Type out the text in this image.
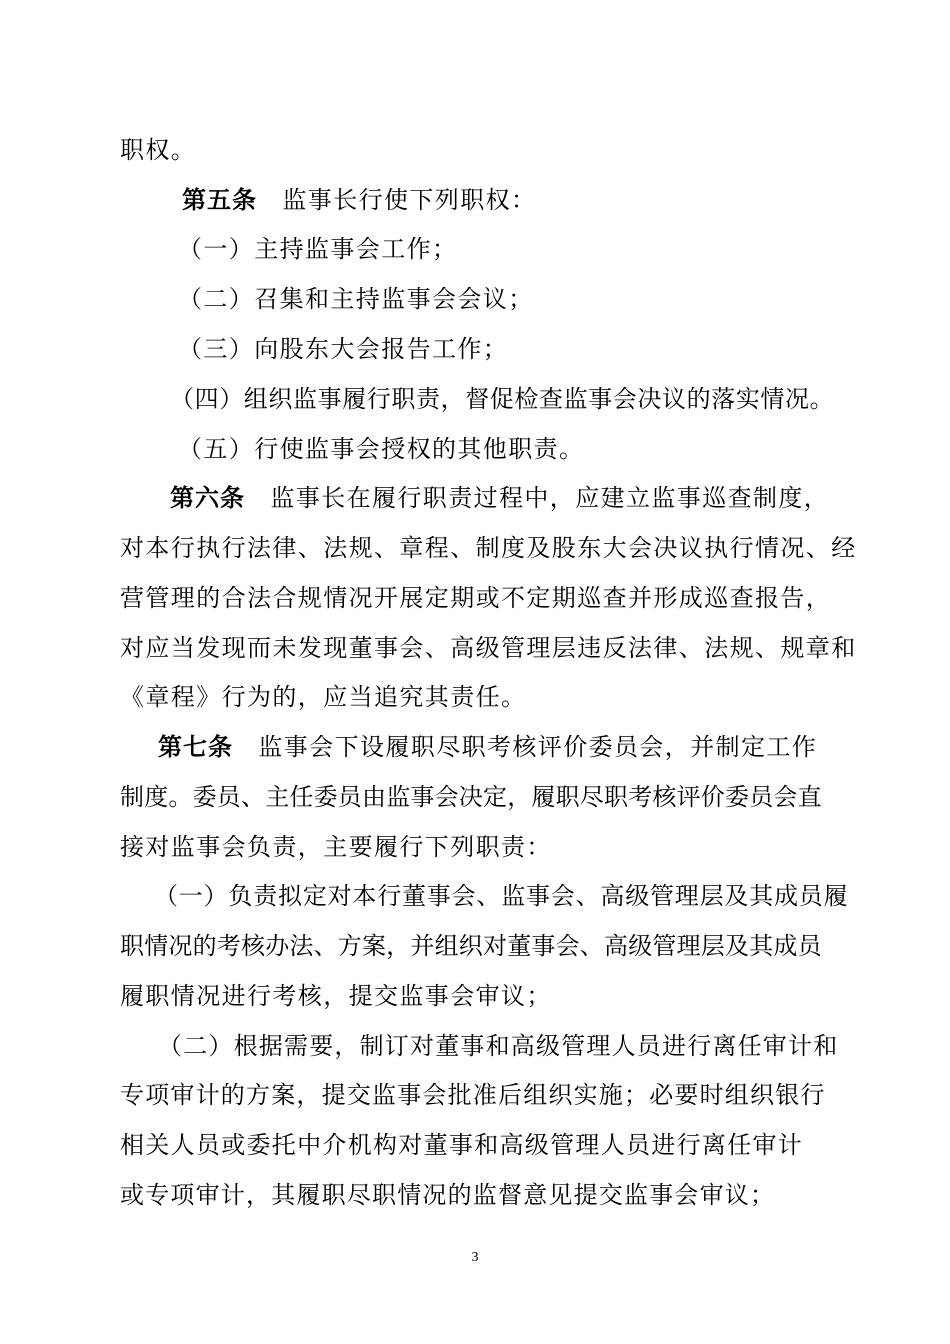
职权。
第五条　监事长行使下列职权：
（一）主持监事会工作；
（二）召集和主持监事会会议；
（三）向股东大会报告工作；
（四）组织监事履行职责，督促检查监事会决议的落实情况。
（五）行使监事会授权的其他职责。
第六条　监事长在履行职责过程中，应建立监事巡查制度，
对本行执行法律、法规、章程、制度及股东大会决议执行情况、经
营管理的合法合规情况开展定期或不定期巡查并形成巡查报告，
对应当发现而未发现董事会、高级管理层违反法律、法规、规章和
《章程》行为的，应当追究其责任。
第七条　监事会下设履职尽职考核评价委员会，并制定工作
制度。委员、主任委员由监事会决定，履职尽职考核评价委员会直
接对监事会负责，主要履行下列职责：
（一）负责拟定对本行董事会、监事会、高级管理层及其成员履
职情况的考核办法、方案，并组织对董事会、高级管理层及其成员
履职情况进行考核，提交监事会审议；
（二）根据需要，制订对董事和高级管理人员进行离任审计和
专项审计的方案，提交监事会批准后组织实施；必要时组织银行
相关人员或委托中介机构对董事和高级管理人员进行离任审计
或专项审计，其履职尽职情况的监督意见提交监事会审议；
3
